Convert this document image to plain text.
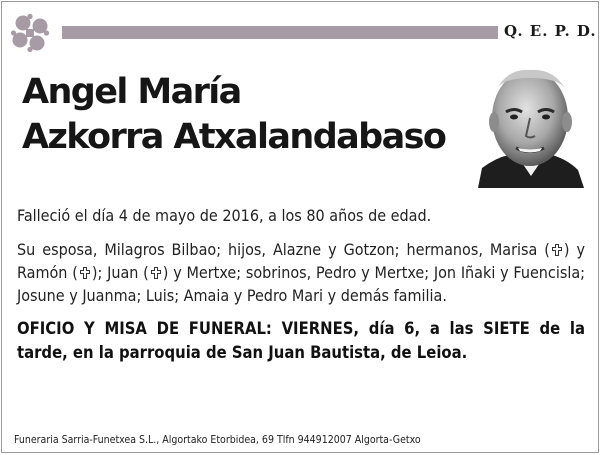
Q. E. P. D.
Angel María
Azkorra Atxalandabaso

Falleció el día 4 de mayo de 2016, a los 80 años de edad.

Su esposa, Milagros Bilbao; hijos, Alazne y Gotzon; hermanos, Marisa ( ) y Ramón ( ); Juan ( ) y Mertxe; sobrinos, Pedro y Mertxe; Jon Iñaki y Fuencisla; Josune y Juanma; Luis; Amaia y Pedro Mari y demás familia.

OFICIO Y MISA DE FUNERAL: VIERNES, día 6, a las SIETE de la tarde, en la parroquia de San Juan Bautista, de Leioa.

Funeraria Sarria-Funetxea S.L., Algortako Etorbidea, 69 Tlfn 944912007 Algorta-Getxo
